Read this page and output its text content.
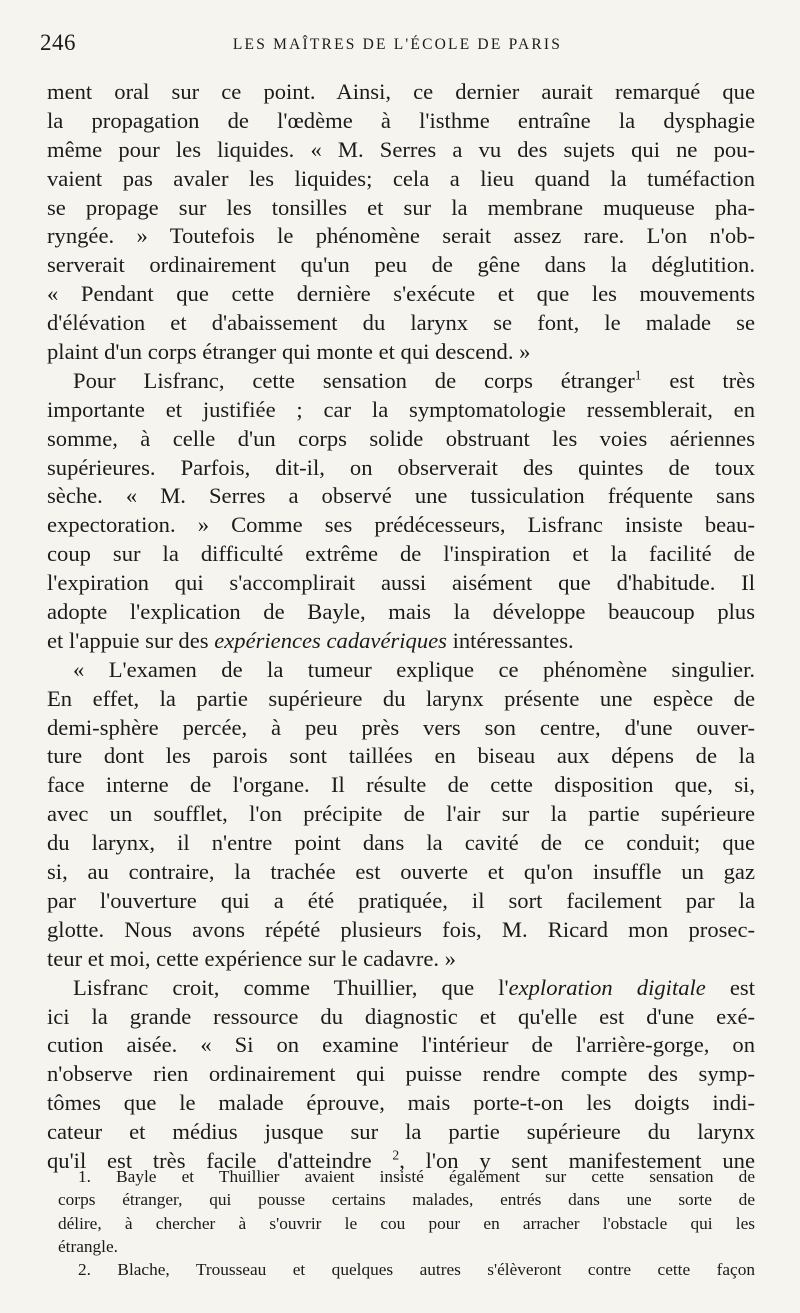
246	LES MAÎTRES DE L'ÉCOLE DE PARIS
ment oral sur ce point. Ainsi, ce dernier aurait remarqué que
la propagation de l'œdème à l'isthme entraîne la dysphagie
même pour les liquides. « M. Serres a vu des sujets qui ne pou-
vaient pas avaler les liquides; cela a lieu quand la tuméfaction
se propage sur les tonsilles et sur la membrane muqueuse pha-
ryngée. » Toutefois le phénomène serait assez rare. L'on n'ob-
serverait ordinairement qu'un peu de gêne dans la déglutition.
« Pendant que cette dernière s'exécute et que les mouvements
d'élévation et d'abaissement du larynx se font, le malade se
plaint d'un corps étranger qui monte et qui descend. »
Pour Lisfranc, cette sensation de corps étranger$^1$ est très
importante et justifiée ; car la symptomatologie ressemblerait, en
somme, à celle d'un corps solide obstruant les voies aériennes
supérieures. Parfois, dit-il, on observerait des quintes de toux
sèche. « M. Serres a observé une tussiculation fréquente sans
expectoration. » Comme ses prédécesseurs, Lisfranc insiste beau-
coup sur la difficulté extrême de l'inspiration et la facilité de
l'expiration qui s'accomplirait aussi aisément que d'habitude. Il
adopte l'explication de Bayle, mais la développe beaucoup plus
et l'appuie sur des expériences cadavériques intéressantes.
« L'examen de la tumeur explique ce phénomène singulier.
En effet, la partie supérieure du larynx présente une espèce de
demi-sphère percée, à peu près vers son centre, d'une ouver-
ture dont les parois sont taillées en biseau aux dépens de la
face interne de l'organe. Il résulte de cette disposition que, si,
avec un soufflet, l'on précipite de l'air sur la partie supérieure
du larynx, il n'entre point dans la cavité de ce conduit; que
si, au contraire, la trachée est ouverte et qu'on insuffle un gaz
par l'ouverture qui a été pratiquée, il sort facilement par la
glotte. Nous avons répété plusieurs fois, M. Ricard mon prosec-
teur et moi, cette expérience sur le cadavre. »
Lisfranc croit, comme Thuillier, que l'exploration digitale est
ici la grande ressource du diagnostic et qu'elle est d'une exé-
cution aisée. « Si on examine l'intérieur de l'arrière-gorge, on
n'observe rien ordinairement qui puisse rendre compte des symp-
tômes que le malade éprouve, mais porte-t-on les doigts indi-
cateur et médius jusque sur la partie supérieure du larynx
qu'il est très facile d'atteindre $^2$, l'on y sent manifestement une
1. Bayle et Thuillier avaient insisté également sur cette sensation de
corps étranger, qui pousse certains malades, entrés dans une sorte de
délire, à chercher à s'ouvrir le cou pour en arracher l'obstacle qui les
étrangle.
2. Blache, Trousseau et quelques autres s'élèveront contre cette façon
